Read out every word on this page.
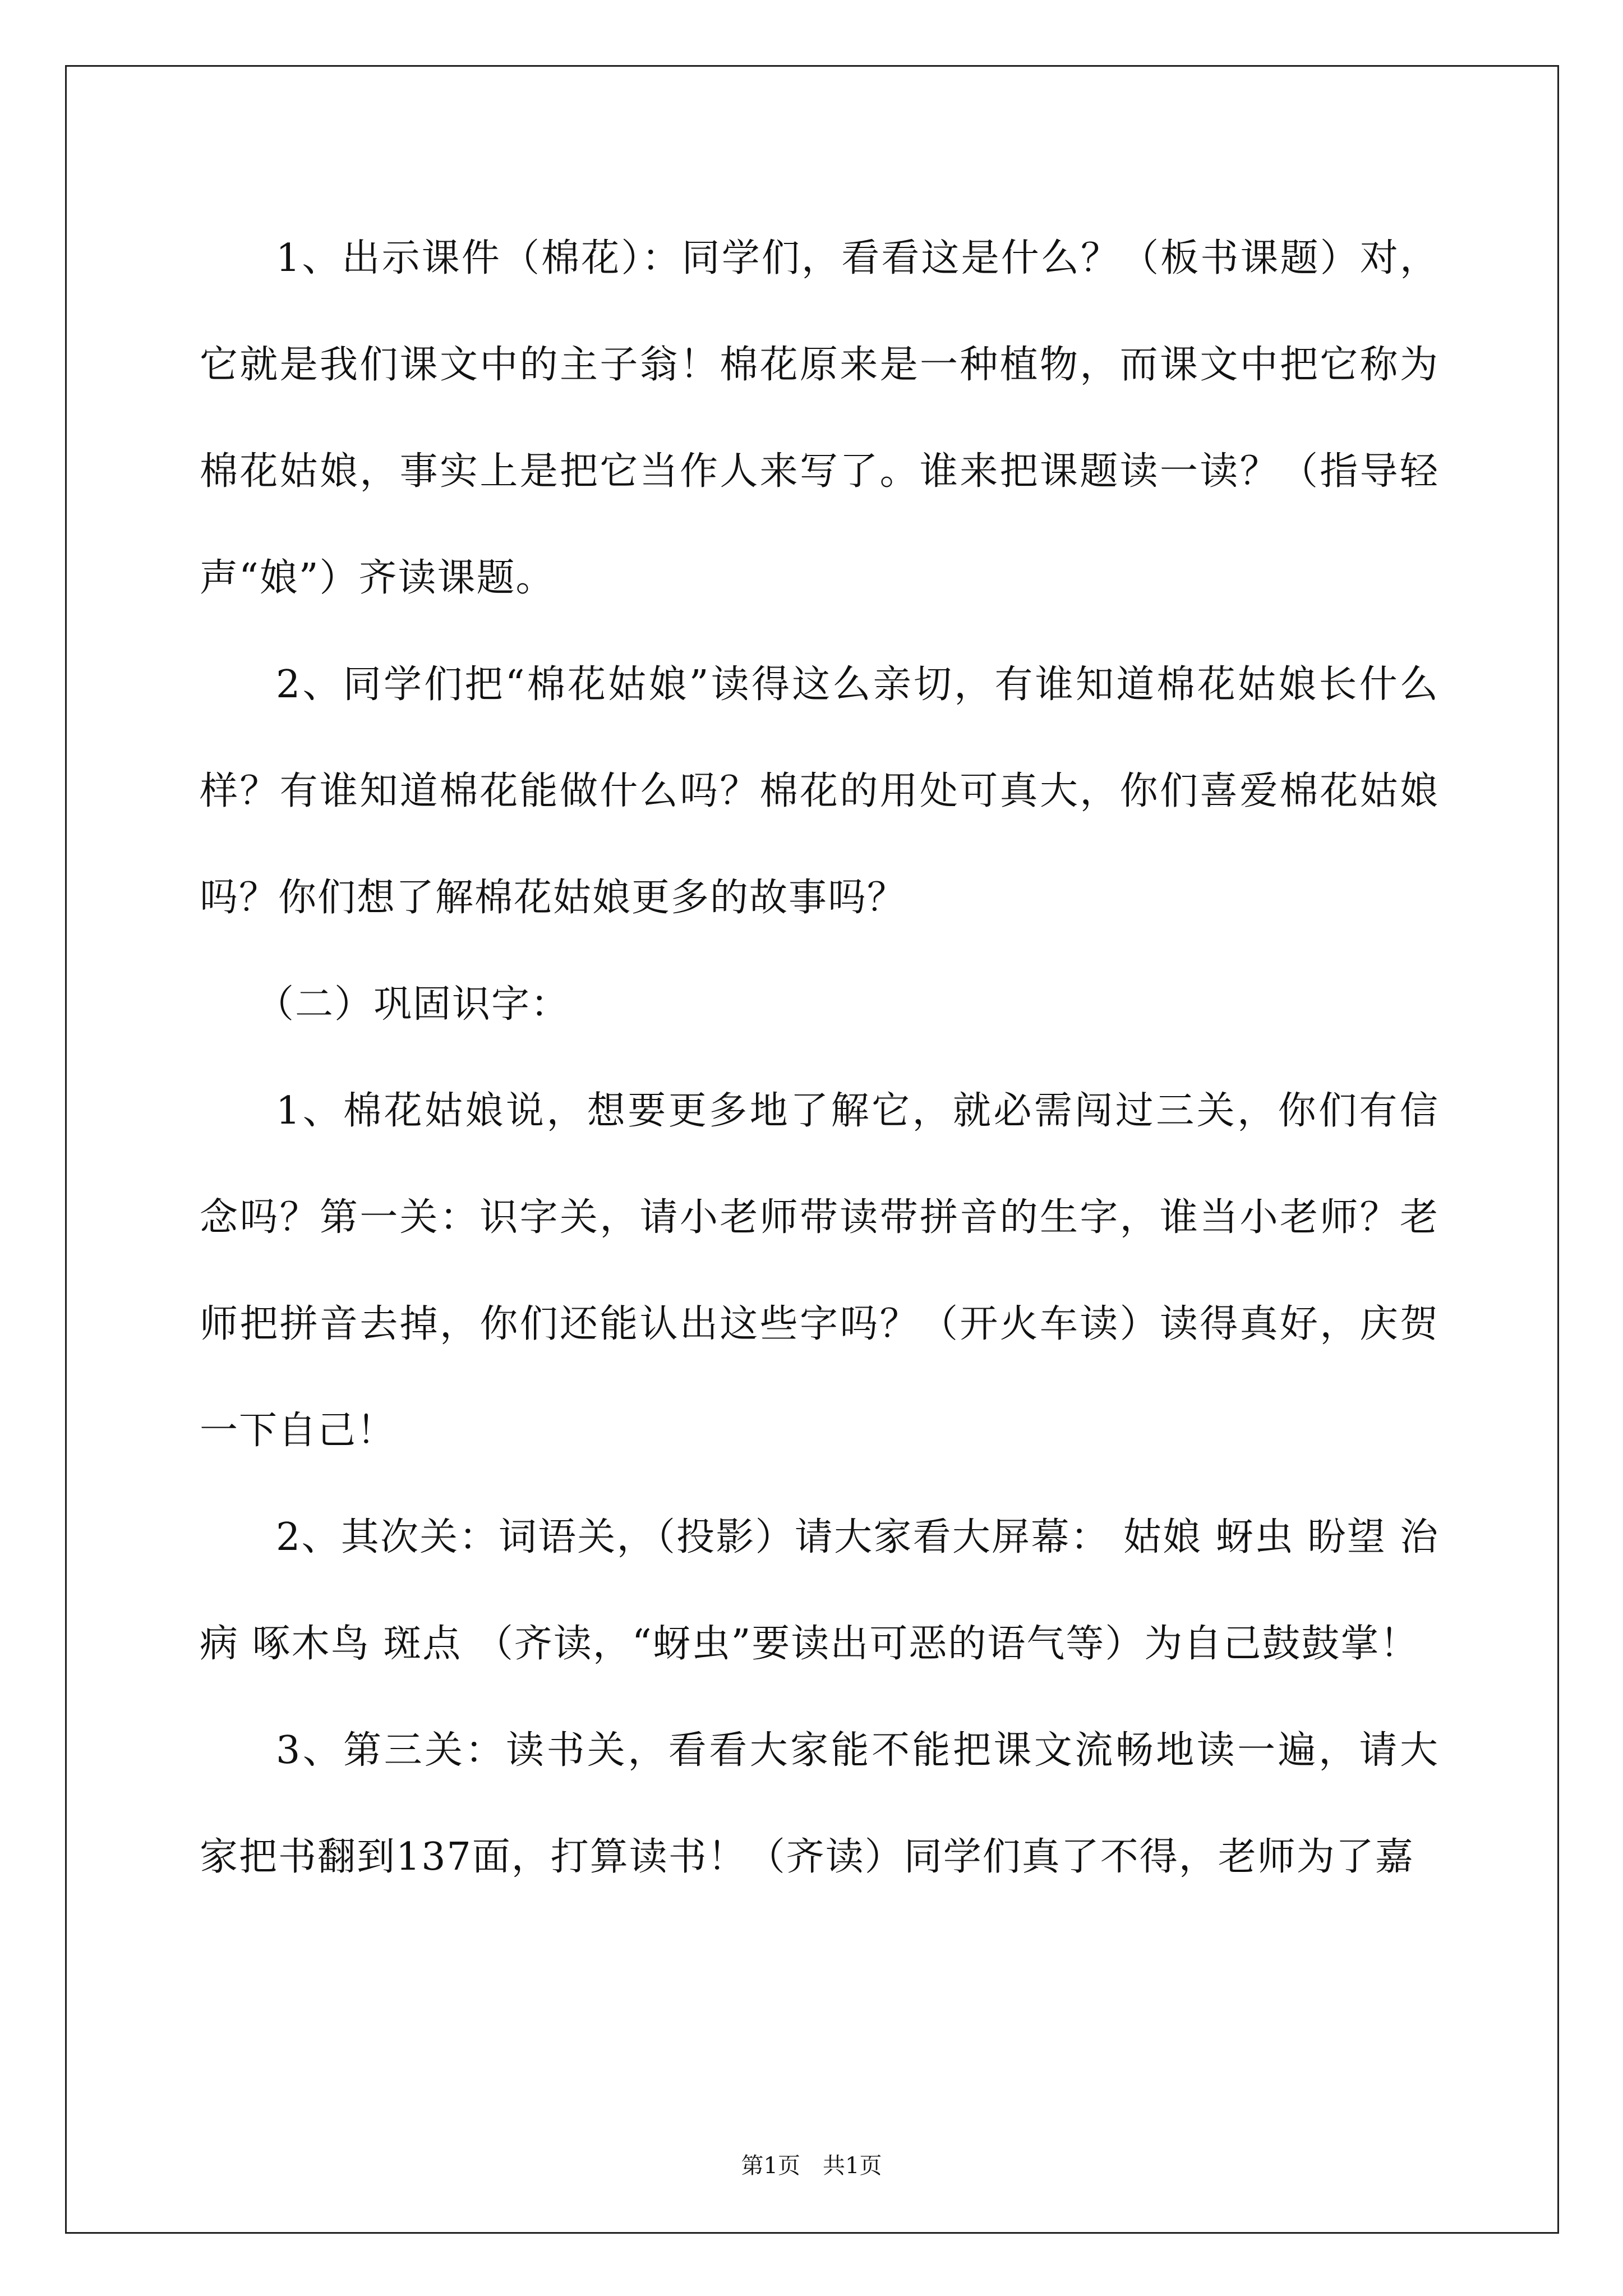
1、出示课件（棉花）：同学们，看看这是什么？（板书课题）对，它就是我们课文中的主子翁！棉花原来是一种植物，而课文中把它称为棉花姑娘，事实上是把它当作人来写了。谁来把课题读一读？（指导轻声“娘”）齐读课题。

2、同学们把“棉花姑娘”读得这么亲切，有谁知道棉花姑娘长什么样？有谁知道棉花能做什么吗？棉花的用处可真大，你们喜爱棉花姑娘吗？你们想了解棉花姑娘更多的故事吗？

（二）巩固识字：

1、棉花姑娘说，想要更多地了解它，就必需闯过三关，你们有信念吗？第一关：识字关，请小老师带读带拼音的生字，谁当小老师？老师把拼音去掉，你们还能认出这些字吗？（开火车读）读得真好，庆贺一下自己！

2、其次关：词语关，（投影）请大家看大屏幕： 姑娘 蚜虫 盼望 治病 啄木鸟 斑点 （齐读，“蚜虫”要读出可恶的语气等）为自己鼓鼓掌！

3、第三关：读书关，看看大家能不能把课文流畅地读一遍，请大家把书翻到137面，打算读书！（齐读）同学们真了不得，老师为了嘉

第1页 共1页
